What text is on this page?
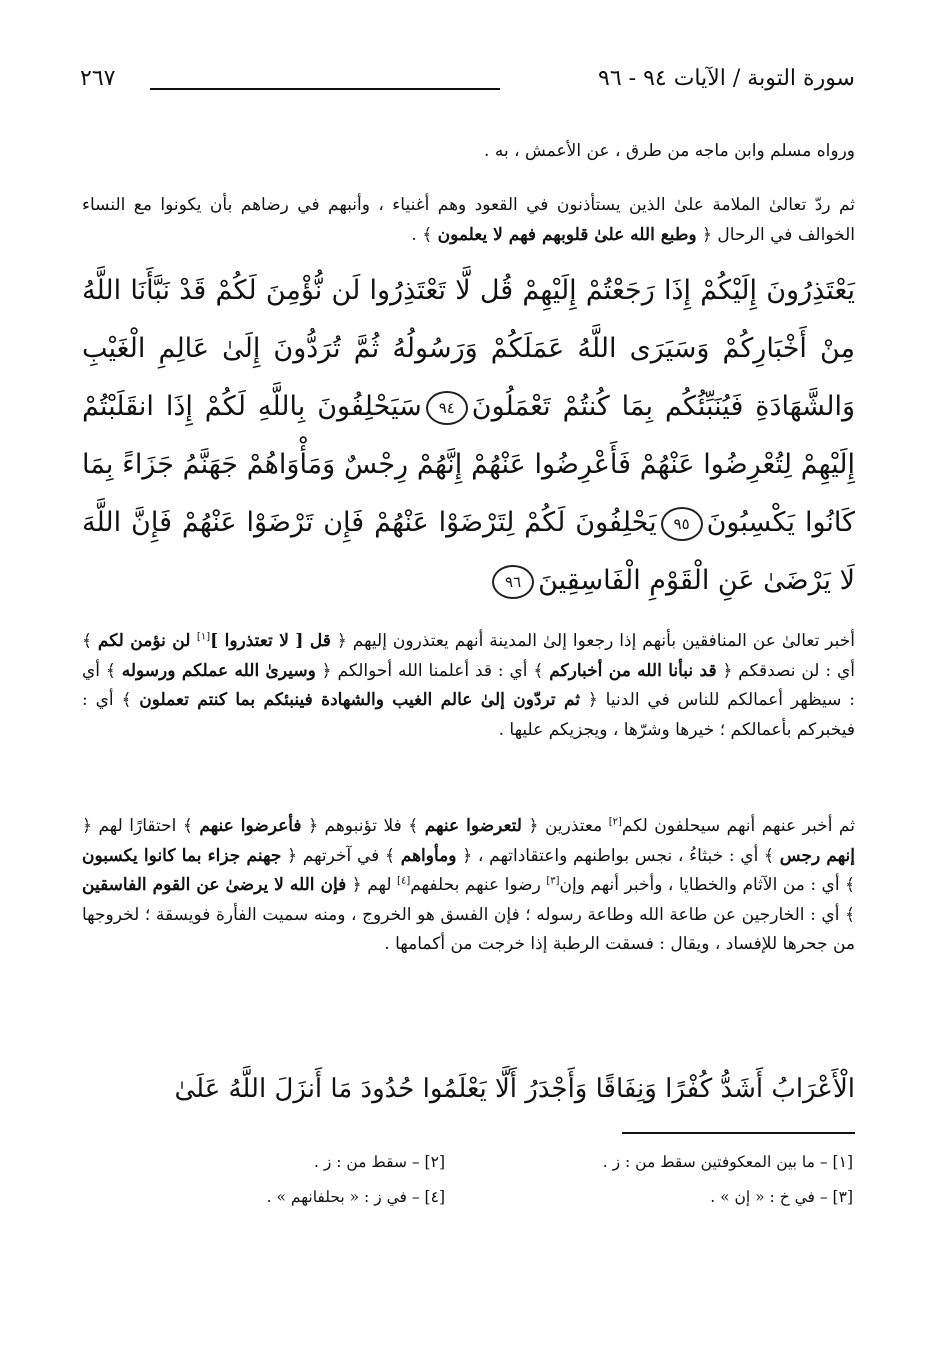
سورة التوبة / الآيات ٩٤ - ٩٦
٢٦٧

ورواه مسلم وابن ماجه من طرق ، عن الأعمش ، به .

ثم ردّ تعالىٰ الملامة علىٰ الذين يستأذنون في القعود وهم أغنياء ، وأنبهم في رضاهم بأن يكونوا مع النساء الخوالف في الرحال ﴿ وطبع الله علىٰ قلوبهم فهم لا يعلمون ﴾ .

يَعْتَذِرُونَ إِلَيْكُمْ إِذَا رَجَعْتُمْ إِلَيْهِمْ قُل لَّا تَعْتَذِرُوا لَن نُّؤْمِنَ لَكُمْ قَدْ نَبَّأَنَا اللَّهُ مِنْ أَخْبَارِكُمْ وَسَيَرَى اللَّهُ عَمَلَكُمْ وَرَسُولُهُ ثُمَّ تُرَدُّونَ إِلَىٰ عَالِمِ الْغَيْبِ وَالشَّهَادَةِ فَيُنَبِّئُكُم بِمَا كُنتُمْ تَعْمَلُونَ٩٤سَيَحْلِفُونَ بِاللَّهِ لَكُمْ إِذَا انقَلَبْتُمْ إِلَيْهِمْ لِتُعْرِضُوا عَنْهُمْ فَأَعْرِضُوا عَنْهُمْ إِنَّهُمْ رِجْسٌ وَمَأْوَاهُمْ جَهَنَّمُ جَزَاءً بِمَا كَانُوا يَكْسِبُونَ٩٥يَحْلِفُونَ لَكُمْ لِتَرْضَوْا عَنْهُمْ فَإِن تَرْضَوْا عَنْهُمْ فَإِنَّ اللَّهَ لَا يَرْضَىٰ عَنِ الْقَوْمِ الْفَاسِقِينَ٩٦

أخبر تعالىٰ عن المنافقين بأنهم إذا رجعوا إلىٰ المدينة أنهم يعتذرون إليهم ﴿ قل [ لا تعتذروا ][١] لن نؤمن لكم ﴾ أي : لن نصدقكم ﴿ قد نبأنا الله من أخباركم ﴾ أي : قد أعلمنا الله أحوالكم ﴿ وسيرىٰ الله عملكم ورسوله ﴾ أي : سيظهر أعمالكم للناس في الدنيا ﴿ ثم تردّون إلىٰ عالم الغيب والشهادة فينبئكم بما كنتم تعملون ﴾ أي : فيخبركم بأعمالكم ؛ خيرها وشرّها ، ويجزيكم عليها .

ثم أخبر عنهم أنهم سيحلفون لكم[٢] معتذرين ﴿ لتعرضوا عنهم ﴾ فلا تؤنبوهم ﴿ فأعرضوا عنهم ﴾ احتقارًا لهم ﴿ إنهم رجس ﴾ أي : خبثاءُ ، نجس بواطنهم واعتقاداتهم ، ﴿ ومأواهم ﴾ في آخرتهم ﴿ جهنم جزاء بما كانوا يكسبون ﴾ أي : من الآثام والخطايا ، وأخبر أنهم وإن[٣] رضوا عنهم بحلفهم[٤] لهم ﴿ فإن الله لا يرضىٰ عن القوم الفاسقين ﴾ أي : الخارجين عن طاعة الله وطاعة رسوله ؛ فإن الفسق هو الخروج ، ومنه سميت الفأرة فويسقة ؛ لخروجها من جحرها للإفساد ، ويقال : فسقت الرطبة إذا خرجت من أكمامها .

الْأَعْرَابُ أَشَدُّ كُفْرًا وَنِفَاقًا وَأَجْدَرُ أَلَّا يَعْلَمُوا حُدُودَ مَا أَنزَلَ اللَّهُ عَلَىٰ

[١] – ما بين المعكوفتين سقط من : ز .
[٢] – سقط من : ز .
[٣] – في خ : « إن » .
[٤] – في ز : « بحلفانهم » .
